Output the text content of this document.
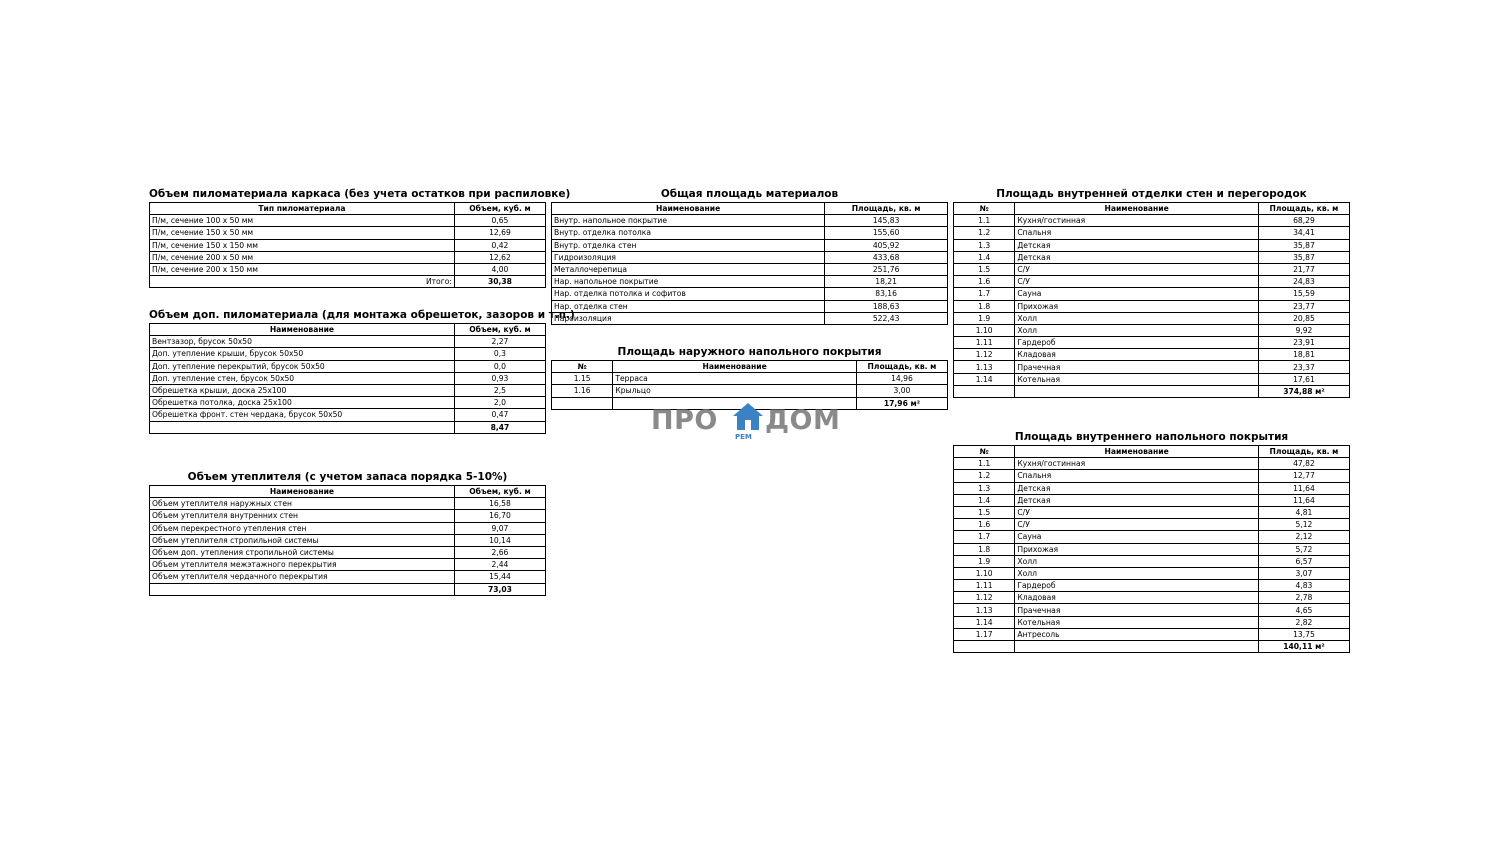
Объем пиломатериала каркаса (без учета остатков при распиловке)
Тип пиломатериала	Объем, куб. м
П/м, сечение 100 х 50 мм	0,65
П/м, сечение 150 х 50 мм	12,69
П/м, сечение 150 х 150 мм	0,42
П/м, сечение 200 х 50 мм	12,62
П/м, сечение 200 х 150 мм	4,00
Итого:	30,38
Объем доп. пиломатериала (для монтажа обрешеток, зазоров и т.п.)
Наименование	Объем, куб. м
Вентзазор, брусок 50х50	2,27
Доп. утепление крыши, брусок 50х50	0,3
Доп. утепление перекрытий, брусок 50х50	0,0
Доп. утепление стен, брусок 50х50	0,93
Обрешетка крыши, доска 25х100	2,5
Обрешетка потолка, доска 25х100	2,0
Обрешетка фронт. стен чердака, брусок 50х50	0,47
	8,47
Объем утеплителя (с учетом запаса порядка 5-10%)
Наименование	Объем, куб. м
Объем утеплителя наружных стен	16,58
Объем утеплителя внутренних стен	16,70
Объем перекрестного утепления стен	9,07
Объем утеплителя стропильной системы	10,14
Объем доп. утепления стропильной системы	2,66
Объем утеплителя межэтажного перекрытия	2,44
Объем утеплителя чердачного перекрытия	15,44
	73,03
Общая площадь материалов
Наименование	Площадь, кв. м
Внутр. напольное покрытие	145,83
Внутр. отделка потолка	155,60
Внутр. отделка стен	405,92
Гидроизоляция	433,68
Металлочерепица	251,76
Нар. напольное покрытие	18,21
Нар. отделка потолка и софитов	83,16
Нар. отделка стен	188,63
Пароизоляция	522,43
Площадь наружного напольного покрытия
№	Наименование	Площадь, кв. м
1.15	Терраса	14,96
1.16	Крыльцо	3,00
		17,96 м²
ПРО
РЕМ
ДОМ
Площадь внутренней отделки стен и перегородок
№	Наименование	Площадь, кв. м
1.1	Кухня/гостинная	68,29
1.2	Спальня	34,41
1.3	Детская	35,87
1.4	Детская	35,87
1.5	С/У	21,77
1.6	С/У	24,83
1.7	Сауна	15,59
1.8	Прихожая	23,77
1.9	Холл	20,85
1.10	Холл	9,92
1.11	Гардероб	23,91
1.12	Кладовая	18,81
1.13	Прачечная	23,37
1.14	Котельная	17,61
		374,88 м²
Площадь внутреннего напольного покрытия
№	Наименование	Площадь, кв. м
1.1	Кухня/гостинная	47,82
1.2	Спальня	12,77
1.3	Детская	11,64
1.4	Детская	11,64
1.5	С/У	4,81
1.6	С/У	5,12
1.7	Сауна	2,12
1.8	Прихожая	5,72
1.9	Холл	6,57
1.10	Холл	3,07
1.11	Гардероб	4,83
1.12	Кладовая	2,78
1.13	Прачечная	4,65
1.14	Котельная	2,82
1.17	Антресоль	13,75
		140,11 м²
